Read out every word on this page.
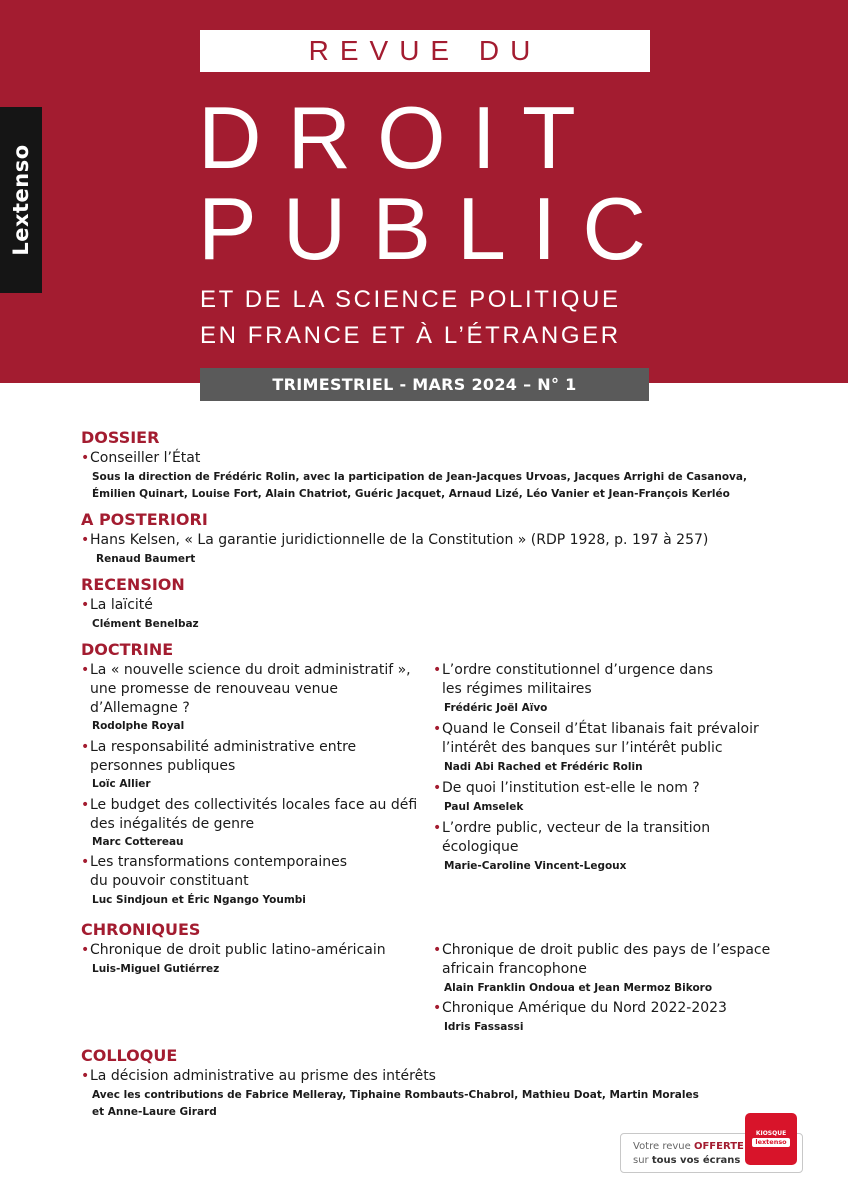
Lextenso
REVUE DU
DROIT
PUBLIC
ET DE LA SCIENCE POLITIQUE
EN FRANCE ET À L’ÉTRANGER
TRIMESTRIEL - MARS 2024 – N° 1
DOSSIER
• Conseiller l’État
Sous la direction de Frédéric Rolin, avec la participation de Jean-Jacques Urvoas, Jacques Arrighi de Casanova,
Émilien Quinart, Louise Fort, Alain Chatriot, Guéric Jacquet, Arnaud Lizé, Léo Vanier et Jean-François Kerléo
A POSTERIORI
• Hans Kelsen, « La garantie juridictionnelle de la Constitution » (RDP 1928, p. 197 à 257)
Renaud Baumert
RECENSION
• La laïcité
Clément Benelbaz
DOCTRINE
• La « nouvelle science du droit administratif »,
une promesse de renouveau venue
d’Allemagne ?
Rodolphe Royal
• La responsabilité administrative entre
personnes publiques
Loïc Allier
• Le budget des collectivités locales face au défi
des inégalités de genre
Marc Cottereau
• Les transformations contemporaines
du pouvoir constituant
Luc Sindjoun et Éric Ngango Youmbi
• L’ordre constitutionnel d’urgence dans
les régimes militaires
Frédéric Joël Aïvo
• Quand le Conseil d’État libanais fait prévaloir
l’intérêt des banques sur l’intérêt public
Nadi Abi Rached et Frédéric Rolin
• De quoi l’institution est-elle le nom ?
Paul Amselek
• L’ordre public, vecteur de la transition
écologique
Marie-Caroline Vincent-Legoux
CHRONIQUES
• Chronique de droit public latino-américain
Luis-Miguel Gutiérrez
• Chronique de droit public des pays de l’espace
africain francophone
Alain Franklin Ondoua et Jean Mermoz Bikoro
• Chronique Amérique du Nord 2022-2023
Idris Fassassi
COLLOQUE
• La décision administrative au prisme des intérêts
Avec les contributions de Fabrice Melleray, Tiphaine Rombauts-Chabrol, Mathieu Doat, Martin Morales
et Anne-Laure Girard
Votre revue OFFERTE
sur tous vos écrans
KIOSQUE
lextenso
